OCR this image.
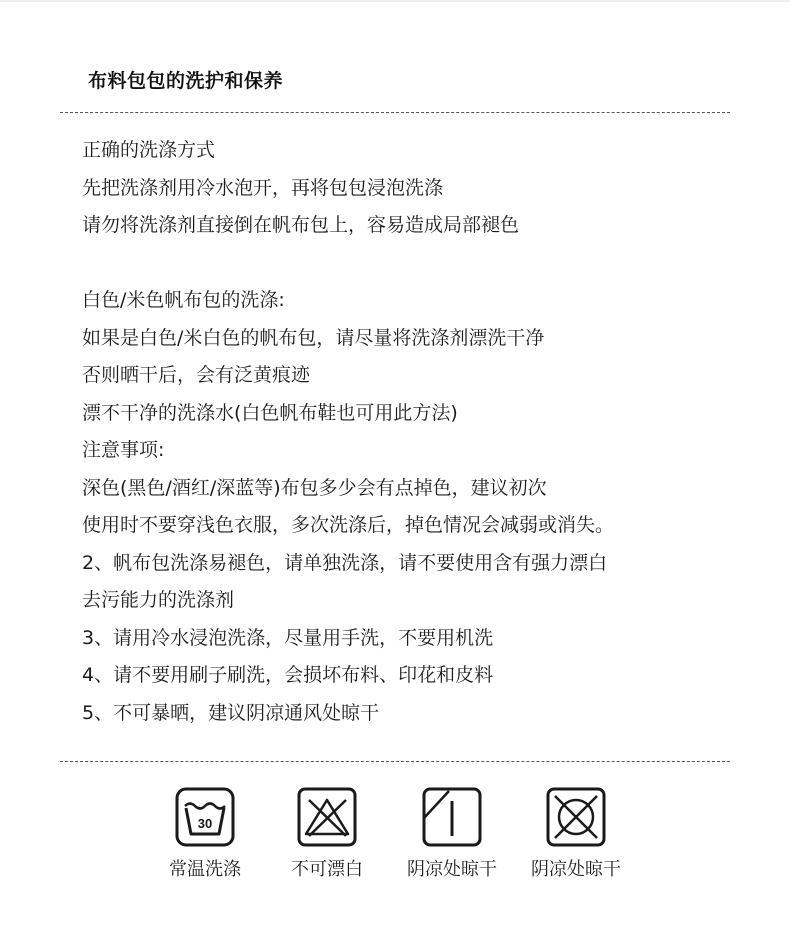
布料包包的洗护和保养
正确的洗涤方式
先把洗涤剂用冷水泡开，再将包包浸泡洗涤
请勿将洗涤剂直接倒在帆布包上，容易造成局部褪色
白色/米色帆布包的洗涤:
如果是白色/米白色的帆布包，请尽量将洗涤剂漂洗干净
否则晒干后，会有泛黄痕迹
漂不干净的洗涤水(白色帆布鞋也可用此方法)
注意事项:
深色(黑色/酒红/深蓝等)布包多少会有点掉色，建议初次
使用时不要穿浅色衣服，多次洗涤后，掉色情况会减弱或消失。
2、帆布包洗涤易褪色，请单独洗涤，请不要使用含有强力漂白
去污能力的洗涤剂
3、请用冷水浸泡洗涤，尽量用手洗，不要用机洗
4、请不要用刷子刷洗，会损坏布料、印花和皮料
5、不可暴晒，建议阴凉通风处晾干
30
常温洗涤	不可漂白	阴凉处晾干	阴凉处晾干
